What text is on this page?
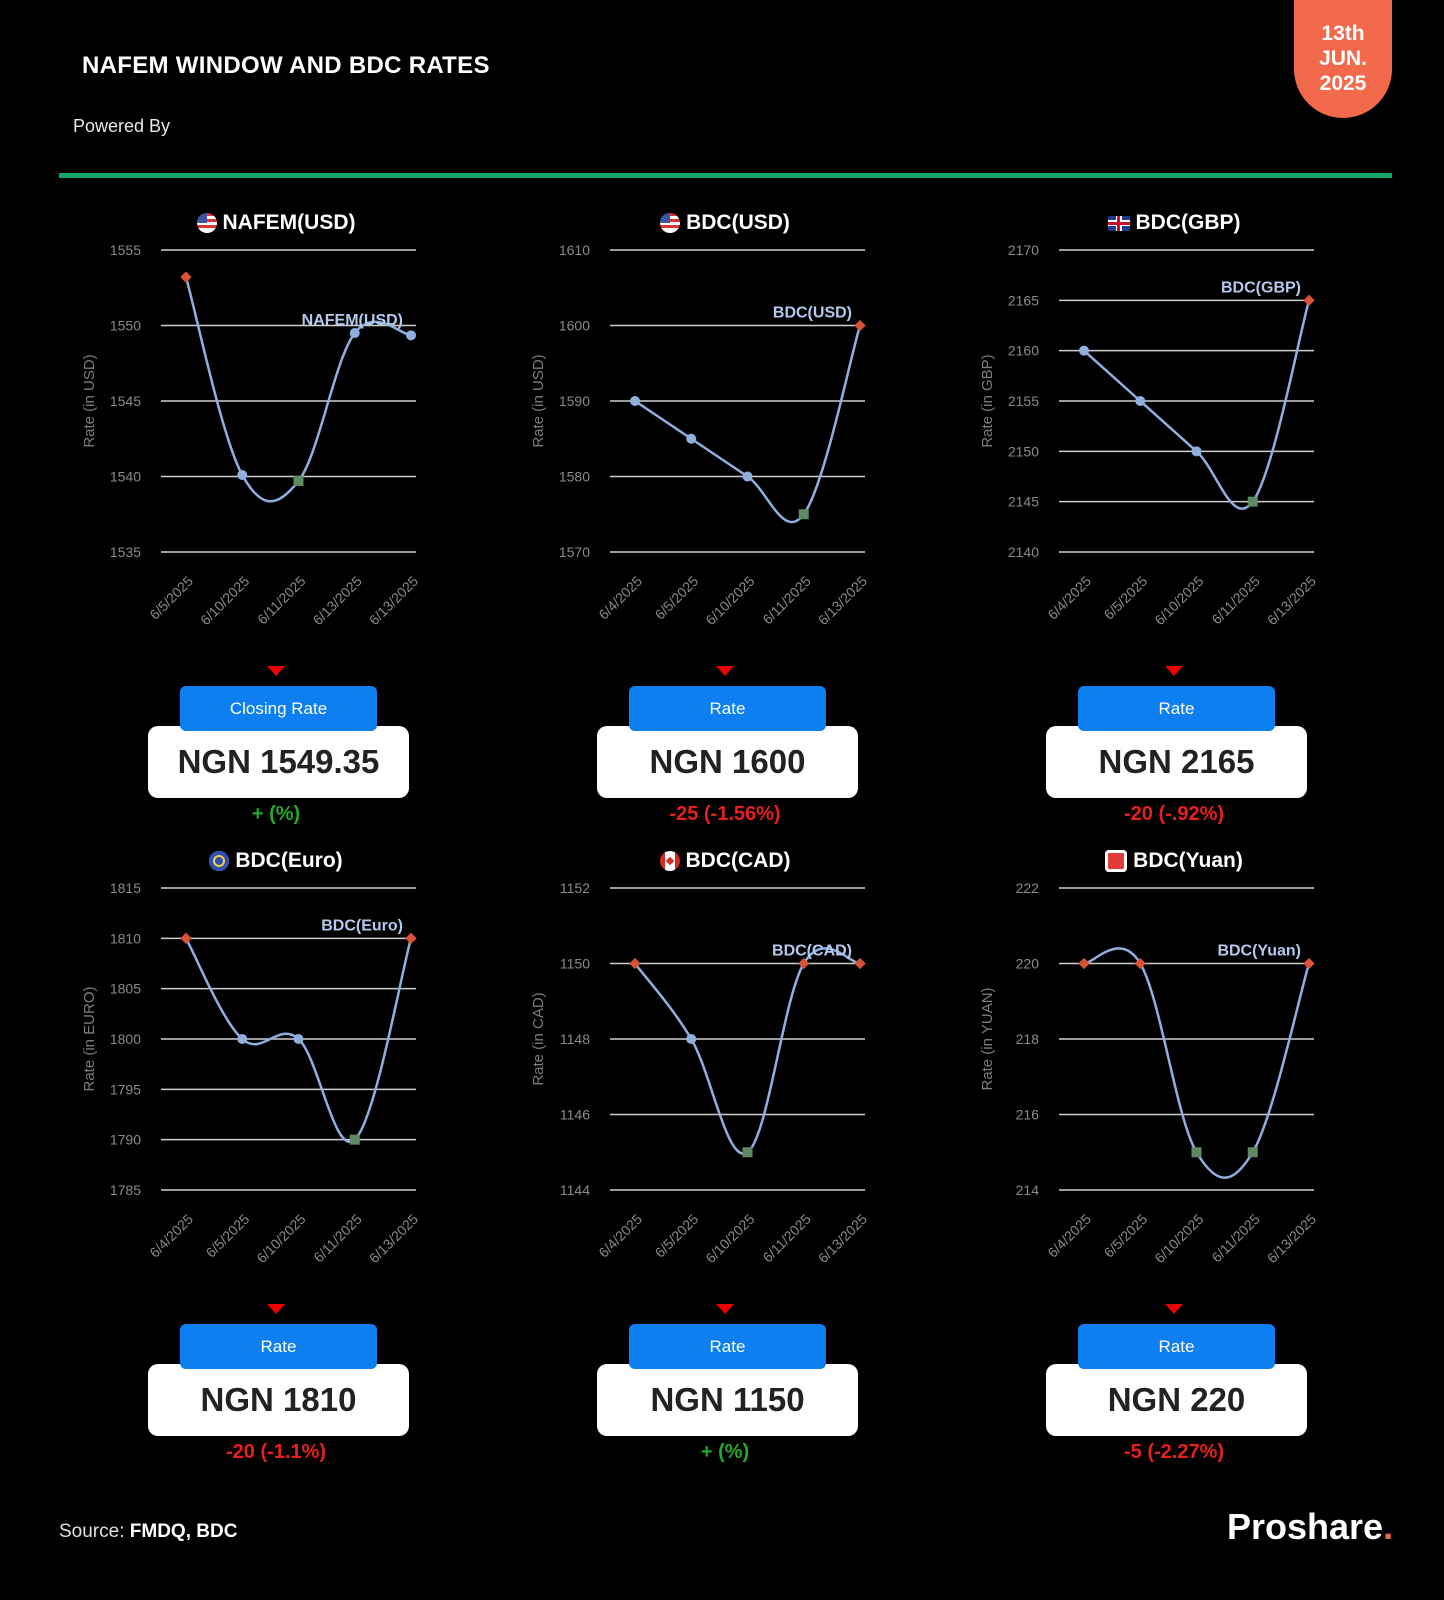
NAFEM WINDOW AND BDC RATES
Powered By
13th
JUN.
2025
NAFEM(USD)
Rate (in USD)
1535
1540
1545
1550
1555
6/5/2025 6/10/2025 6/11/2025 6/13/2025 6/13/2025
NAFEM(USD)
Closing Rate
NGN 1549.35
+ (%)
BDC(USD)
Rate (in USD)
1570
1580
1590
1600
1610
6/4/2025 6/5/2025 6/10/2025 6/11/2025 6/13/2025
BDC(USD)
Rate
NGN 1600
-25 (-1.56%)
BDC(GBP)
Rate (in GBP)
2140
2145
2150
2155
2160
2165
2170
6/4/2025 6/5/2025 6/10/2025 6/11/2025 6/13/2025
BDC(GBP)
Rate
NGN 2165
-20 (-.92%)
BDC(Euro)
Rate (in EURO)
1785
1790
1795
1800
1805
1810
1815
6/4/2025 6/5/2025 6/10/2025 6/11/2025 6/13/2025
BDC(Euro)
Rate
NGN 1810
-20 (-1.1%)
BDC(CAD)
Rate (in CAD)
1144
1146
1148
1150
1152
6/4/2025 6/5/2025 6/10/2025 6/11/2025 6/13/2025
BDC(CAD)
Rate
NGN 1150
+ (%)
BDC(Yuan)
Rate (in YUAN)
214
216
218
220
222
6/4/2025 6/5/2025 6/10/2025 6/11/2025 6/13/2025
BDC(Yuan)
Rate
NGN 220
-5 (-2.27%)
Source: FMDQ, BDC	Proshare.
